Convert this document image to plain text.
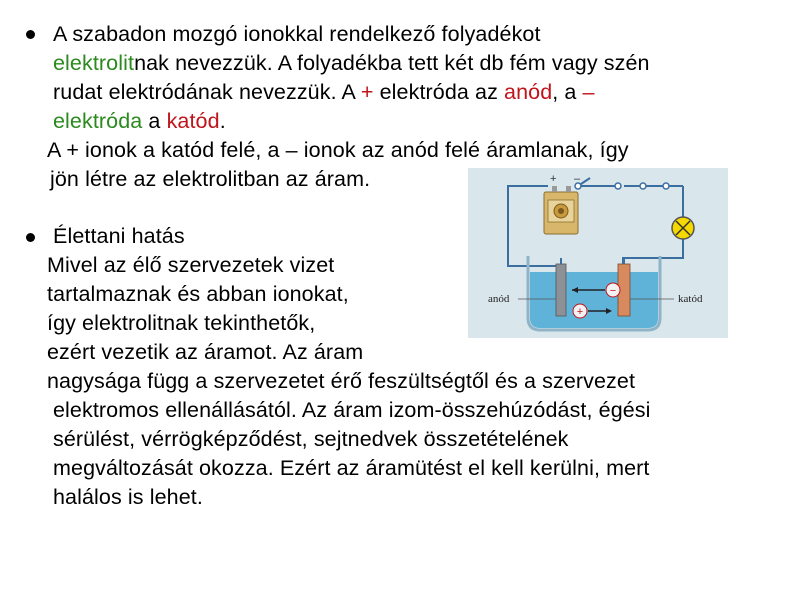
A szabadon mozgó ionokkal rendelkező folyadékot
elektrolitnak nevezzük. A folyadékba tett két db fém vagy szén
rudat elektródának nevezzük. A + elektróda az anód, a –
elektróda a katód.
A + ionok a katód felé, a – ionok az anód felé áramlanak, így
jön létre az elektrolitban az áram.
Élettani hatás
Mivel az élő szervezetek vizet
tartalmaznak és abban ionokat,
így elektrolitnak tekinthetők,
ezért vezetik az áramot. Az áram
nagysága függ a szervezetet érő feszültségtől és a szervezet
elektromos ellenállásától. Az áram izom-összehúzódást, égési
sérülést, vérrögképződést, sejtnedvek összetételének
megváltozását okozza. Ezért az áramütést el kell kerülni, mert
halálos is lehet.
+ –
−
+
anód	katód
